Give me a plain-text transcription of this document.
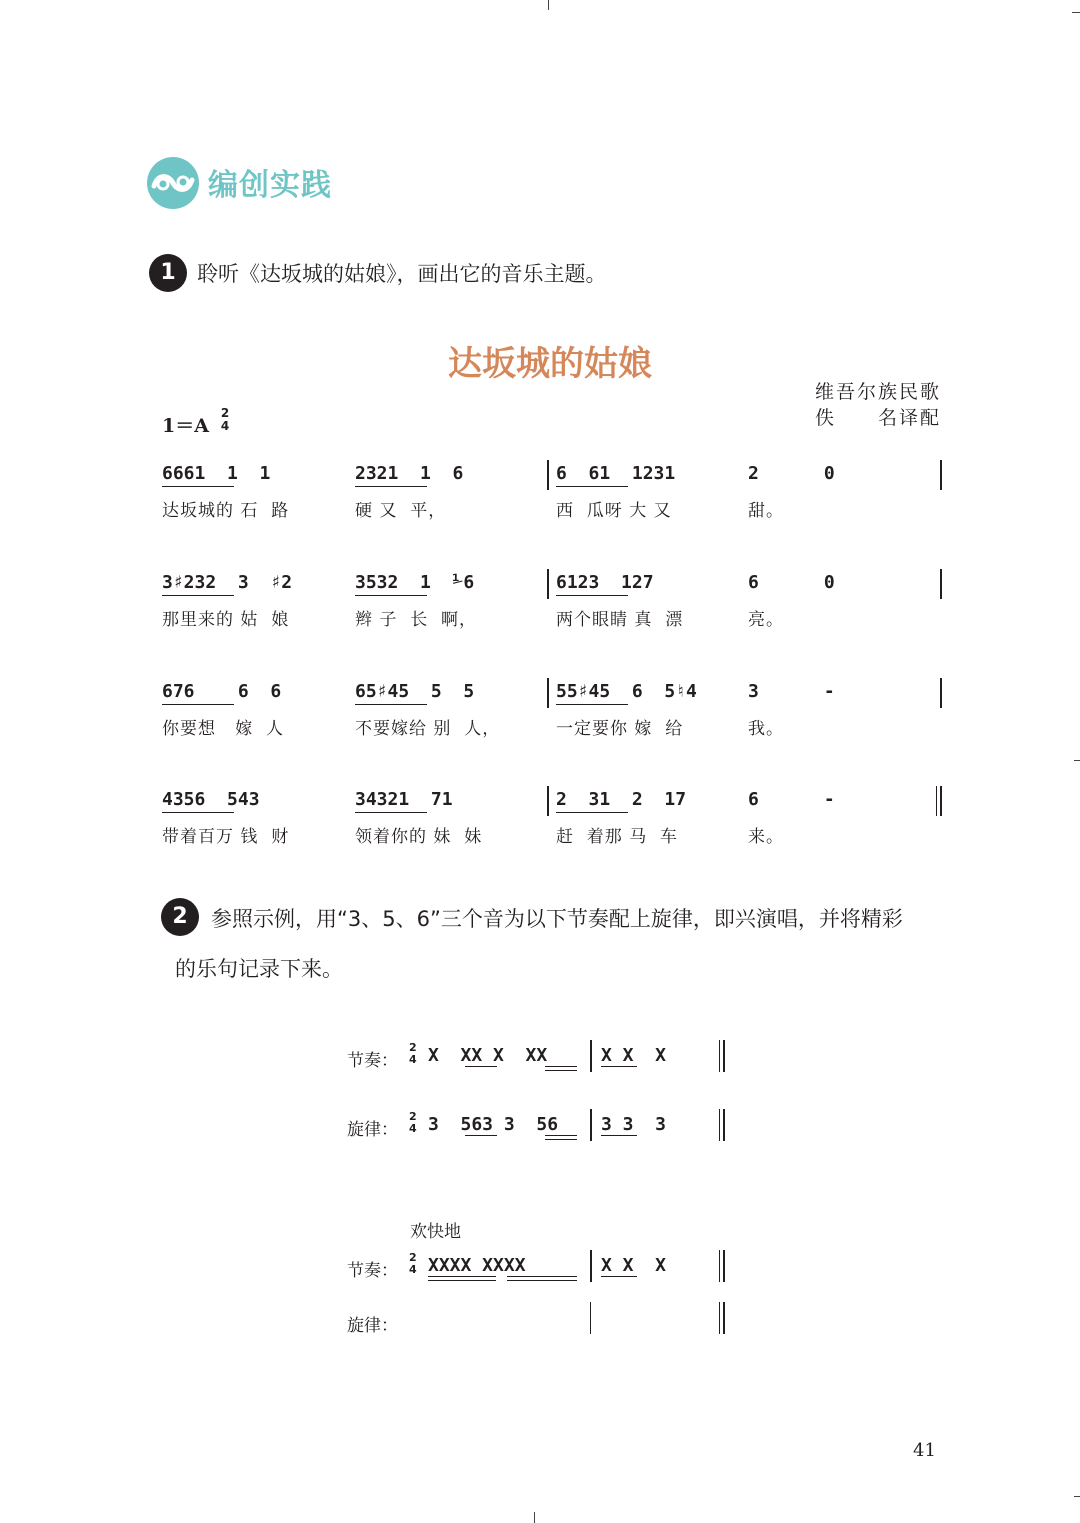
编创实践
1	聆听《达坂城的姑娘》，画出它的音乐主题。
达坂城的姑娘
维吾尔族民歌
佚　　名译配
1＝A
2
4
6661  1  1	2321  1  6	6  61  1231	2      0
达坂城的 石  路	硬 又  平，	西  瓜呀 大 又	甜。
3♯232  3  ♯2	3532  1  ⅟6	6123  127	6      0
那里来的 姑  娘	辫 子  长  啊，	两个眼睛 真  漂	亮。
676    6  6	65♯45  5  5	55♯45  6  5♮4	3      -
你要想   嫁  人	不要嫁给 别  人，	一定要你 嫁  给	我。
4356  543	34321  71	2  31  2  17	6      -
带着百万 钱  财	领着你的 妹  妹	赶  着那 马  车	来。
2	参照示例，用“3、5、6”三个音为以下节奏配上旋律，即兴演唱，并将精彩
的乐句记录下来。
节奏：
2
4 X  XX X  XX	X X  X
旋律：
2
4 3  563 3  56 3 3  3
欢快地
节奏：
2
4 XXXX XXXX	X X  X
旋律：
41
